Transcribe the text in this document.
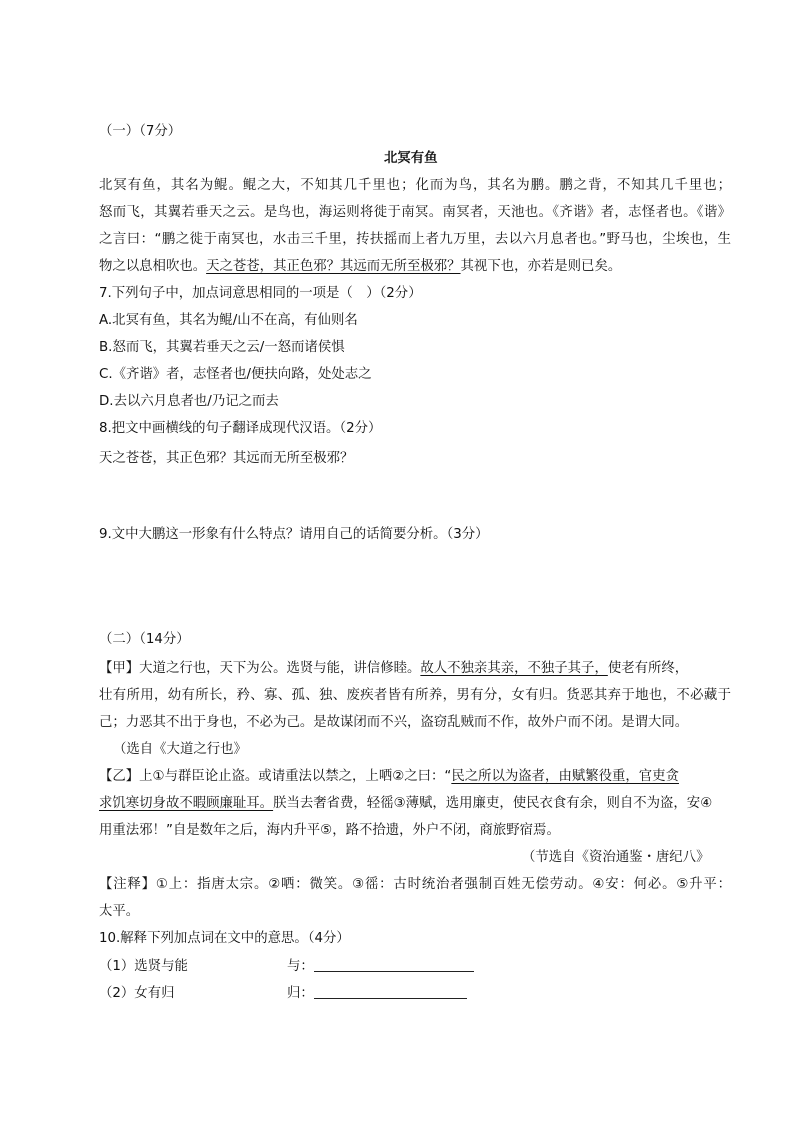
（一）（7分）
北冥有鱼
北冥有鱼，其名为鲲。鲲之大，不知其几千里也；化而为鸟，其名为鹏。鹏之背，不知其几千里也；
怒而飞，其翼若垂天之云。是鸟也，海运则将徙于南冥。南冥者，天池也。《齐谐》者，志怪者也。《谐》
之言曰：“鹏之徙于南冥也，水击三千里，抟扶摇而上者九万里，去以六月息者也。”野马也，尘埃也，生
物之以息相吹也。天之苍苍，其正色邪？其远而无所至极邪？其视下也，亦若是则已矣。
7.下列句子中，加点词意思相同的一项是（　）（2分）
A.北冥有鱼，其名为鲲/山不在高，有仙则名
B.怒而飞，其翼若垂天之云/一怒而诸侯惧
C.《齐谐》者，志怪者也/便扶向路，处处志之
D.去以六月息者也/乃记之而去
8.把文中画横线的句子翻译成现代汉语。（2分）
天之苍苍，其正色邪？其远而无所至极邪？
9.文中大鹏这一形象有什么特点？请用自己的话简要分析。（3分）
（二）（14分）
【甲】大道之行也，天下为公。选贤与能，讲信修睦。故人不独亲其亲，不独子其子，使老有所终，
壮有所用，幼有所长，矜、寡、孤、独、废疾者皆有所养，男有分，女有归。货恶其弃于地也，不必藏于
己；力恶其不出于身也，不必为己。是故谋闭而不兴，盗窃乱贼而不作，故外户而不闭。是谓大同。
（选自《大道之行也》
【乙】上①与群臣论止盗。或请重法以禁之，上哂②之曰：“民之所以为盗者，由赋繁役重，官吏贪
求饥寒切身故不暇顾廉耻耳。朕当去奢省费，轻徭③薄赋，选用廉吏，使民衣食有余，则自不为盗，安④
用重法邪！”自是数年之后，海内升平⑤，路不拾遗，外户不闭，商旅野宿焉。
（节选自《资治通鉴・唐纪八》
【注释】①上：指唐太宗。②哂：微笑。③徭：古时统治者强制百姓无偿劳动。④安：何必。⑤升平：
太平。
10.解释下列加点词在文中的意思。（4分）
（1）选贤与能	与：
（2）女有归	归：
